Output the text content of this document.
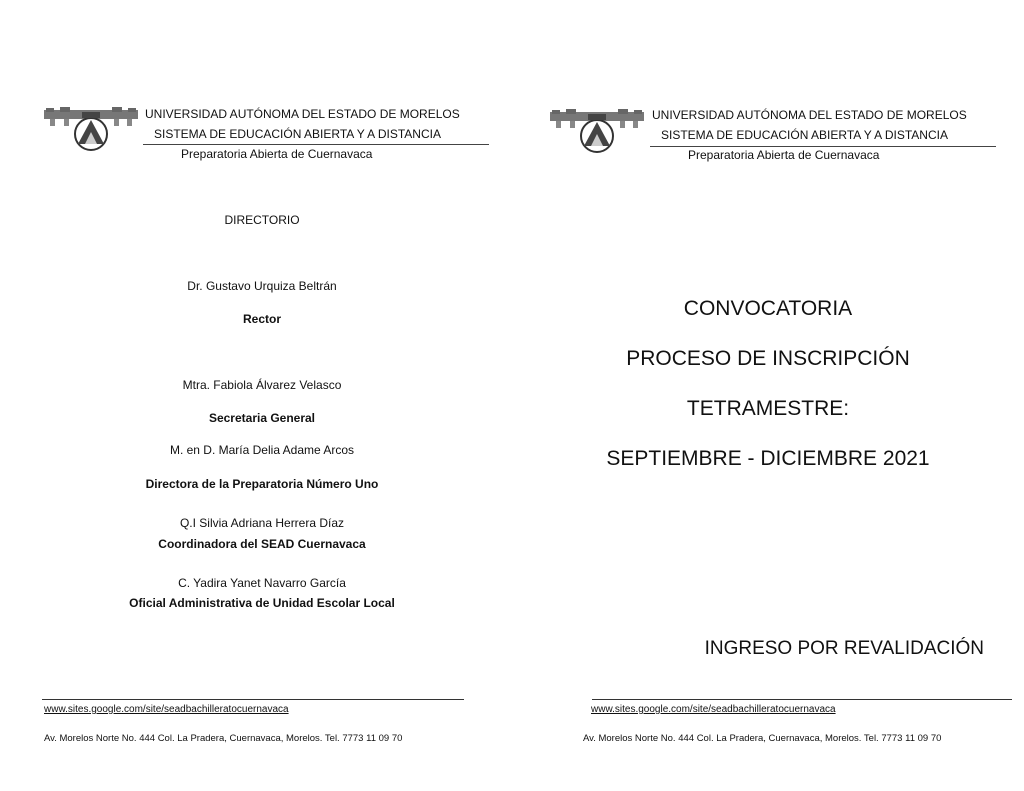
UNIVERSIDAD AUTÓNOMA DEL ESTADO DE MORELOS
SISTEMA DE EDUCACIÓN ABIERTA Y A DISTANCIA
Preparatoria Abierta de Cuernavaca
DIRECTORIO
Dr. Gustavo Urquiza Beltrán
Rector
Mtra. Fabiola Álvarez Velasco
Secretaria General
M. en D. María Delia Adame Arcos
Directora de la Preparatoria Número Uno
Q.I Silvia Adriana Herrera Díaz
Coordinadora del SEAD Cuernavaca
C. Yadira Yanet Navarro García
Oficial Administrativa de Unidad Escolar Local
www.sites.google.com/site/seadbachilleratocuernavaca
Av. Morelos Norte No. 444 Col. La Pradera, Cuernavaca, Morelos. Tel. 7773 11 09 70
UNIVERSIDAD AUTÓNOMA DEL ESTADO DE MORELOS
SISTEMA DE EDUCACIÓN ABIERTA Y A DISTANCIA
Preparatoria Abierta de Cuernavaca
CONVOCATORIA
PROCESO DE INSCRIPCIÓN
TETRAMESTRE:
SEPTIEMBRE - DICIEMBRE 2021
INGRESO POR REVALIDACIÓN
www.sites.google.com/site/seadbachilleratocuernavaca
Av. Morelos Norte No. 444 Col. La Pradera, Cuernavaca, Morelos. Tel. 7773 11 09 70
